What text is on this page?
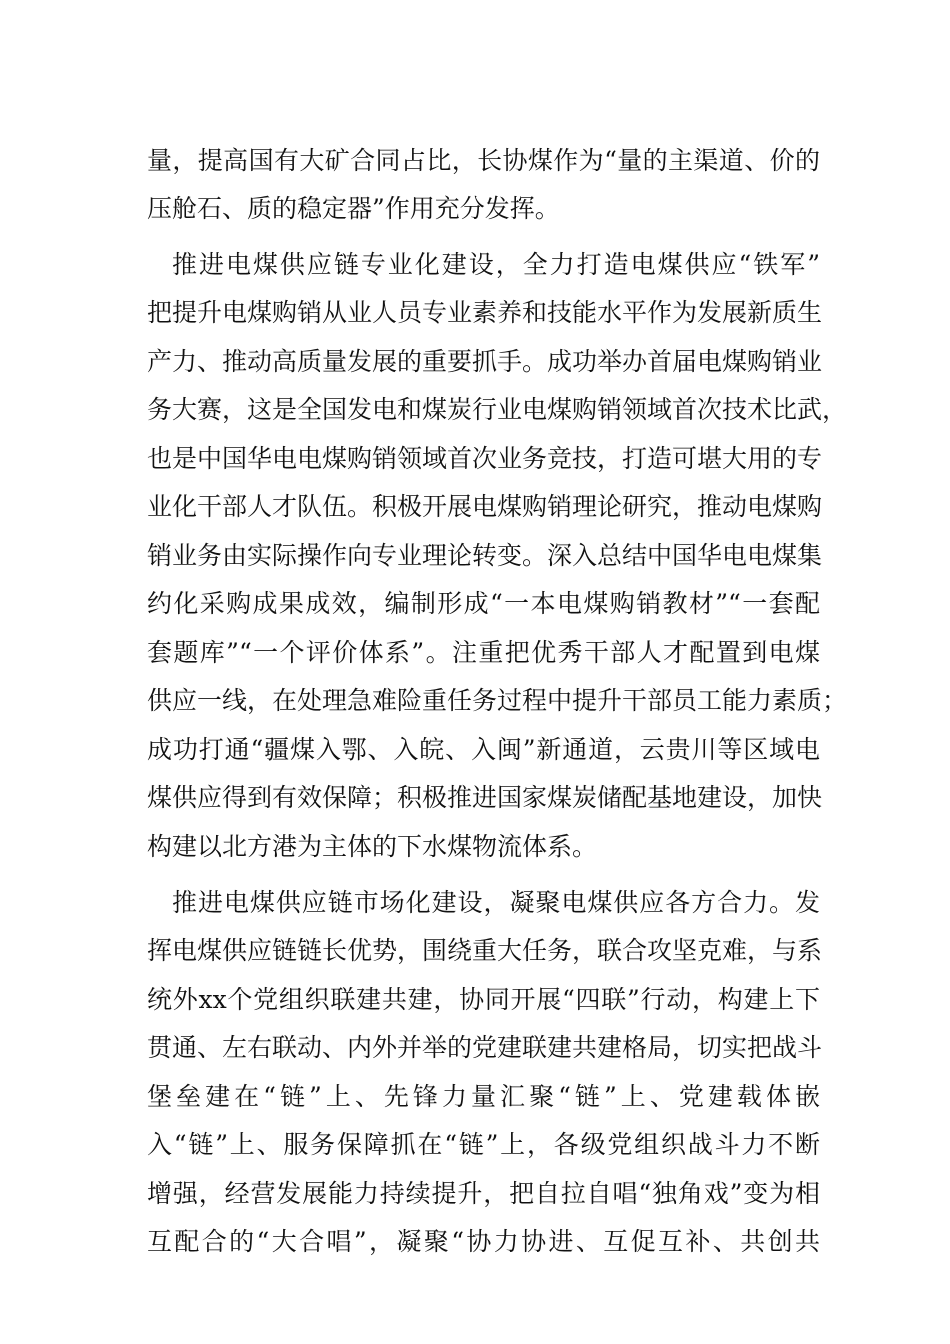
量，提高国有大矿合同占比，长协煤作为“量的主渠道、价的

压舱石、质的稳定器”作用充分发挥。

推进电煤供应链专业化建设，全力打造电煤供应“铁军”

把提升电煤购销从业人员专业素养和技能水平作为发展新质生

产力、推动高质量发展的重要抓手。成功举办首届电煤购销业

务大赛，这是全国发电和煤炭行业电煤购销领域首次技术比武，

也是中国华电电煤购销领域首次业务竞技，打造可堪大用的专

业化干部人才队伍。积极开展电煤购销理论研究，推动电煤购

销业务由实际操作向专业理论转变。深入总结中国华电电煤集

约化采购成果成效，编制形成“一本电煤购销教材”“一套配

套题库”“一个评价体系”。注重把优秀干部人才配置到电煤

供应一线，在处理急难险重任务过程中提升干部员工能力素质；

成功打通“疆煤入鄂、入皖、入闽”新通道，云贵川等区域电

煤供应得到有效保障；积极推进国家煤炭储配基地建设，加快

构建以北方港为主体的下水煤物流体系。

推进电煤供应链市场化建设，凝聚电煤供应各方合力。发

挥电煤供应链链长优势，围绕重大任务，联合攻坚克难，与系

统外xx个党组织联建共建，协同开展“四联”行动，构建上下

贯通、左右联动、内外并举的党建联建共建格局，切实把战斗

堡垒建在“链”上、先锋力量汇聚“链”上、党建载体嵌

入“链”上、服务保障抓在“链”上，各级党组织战斗力不断

增强，经营发展能力持续提升，把自拉自唱“独角戏”变为相

互配合的“大合唱”，凝聚“协力协进、互促互补、共创共
